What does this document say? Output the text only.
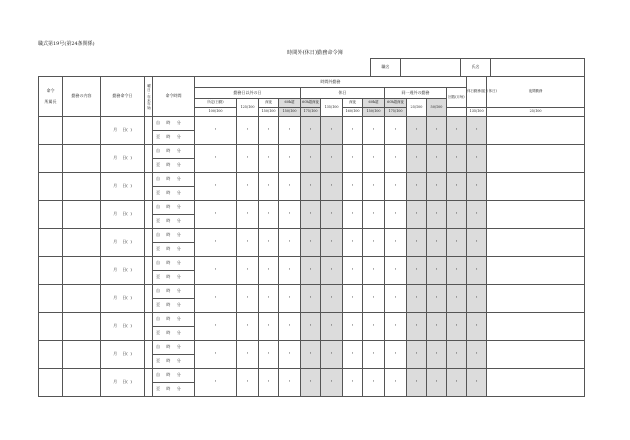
職式第19号(第24条関係)
時間外(休日)勤務命令簿
職名		氏名	
命令
所属長	勤務の内容	勤務命令日	曜日・年末年始	命令時間	時間外勤務												休日勤務(振り休日)	夜間勤務	
					勤務日以外の日				休日				同一週外の勤務			回数(月毎)			
					所定(日勤)	125/100	深夜	60h超	60h超深夜	135/100	深夜	60h超	60h超深夜	25/100	50/100				
					100/100		150/100	150/100	175/100		160/100	150/100	175/100				135/100	25/100	
		月 日( )		自 時 分	・	・	・	・	・	・	・	・	・	・	・	・	・		
				至 時 分															
		月 日( )		自 時 分	・	・	・	・	・	・	・	・	・	・	・	・	・		
				至 時 分															
		月 日( )		自 時 分	・	・	・	・	・	・	・	・	・	・	・	・	・		
				至 時 分															
		月 日( )		自 時 分	・	・	・	・	・	・	・	・	・	・	・	・	・		
				至 時 分															
		月 日( )		自 時 分	・	・	・	・	・	・	・	・	・	・	・	・	・		
				至 時 分															
		月 日( )		自 時 分	・	・	・	・	・	・	・	・	・	・	・	・	・		
				至 時 分															
		月 日( )		自 時 分	・	・	・	・	・	・	・	・	・	・	・	・	・		
				至 時 分															
		月 日( )		自 時 分	・	・	・	・	・	・	・	・	・	・	・	・	・		
				至 時 分															
		月 日( )		自 時 分	・	・	・	・	・	・	・	・	・	・	・	・	・		
				至 時 分															
		月 日( )		自 時 分	・	・	・	・	・	・	・	・	・	・	・	・	・		
				至 時 分															
